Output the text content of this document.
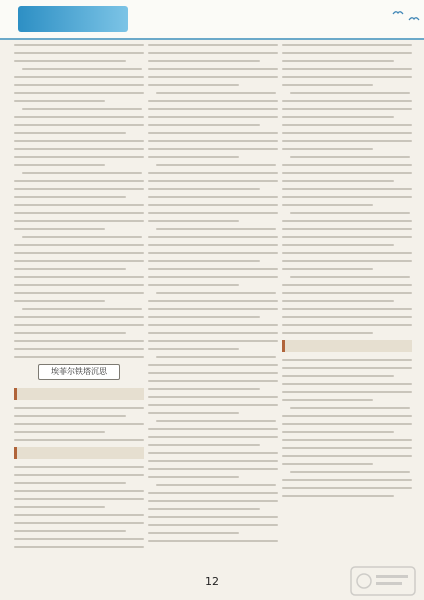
埃菲尔铁塔沉思
12
